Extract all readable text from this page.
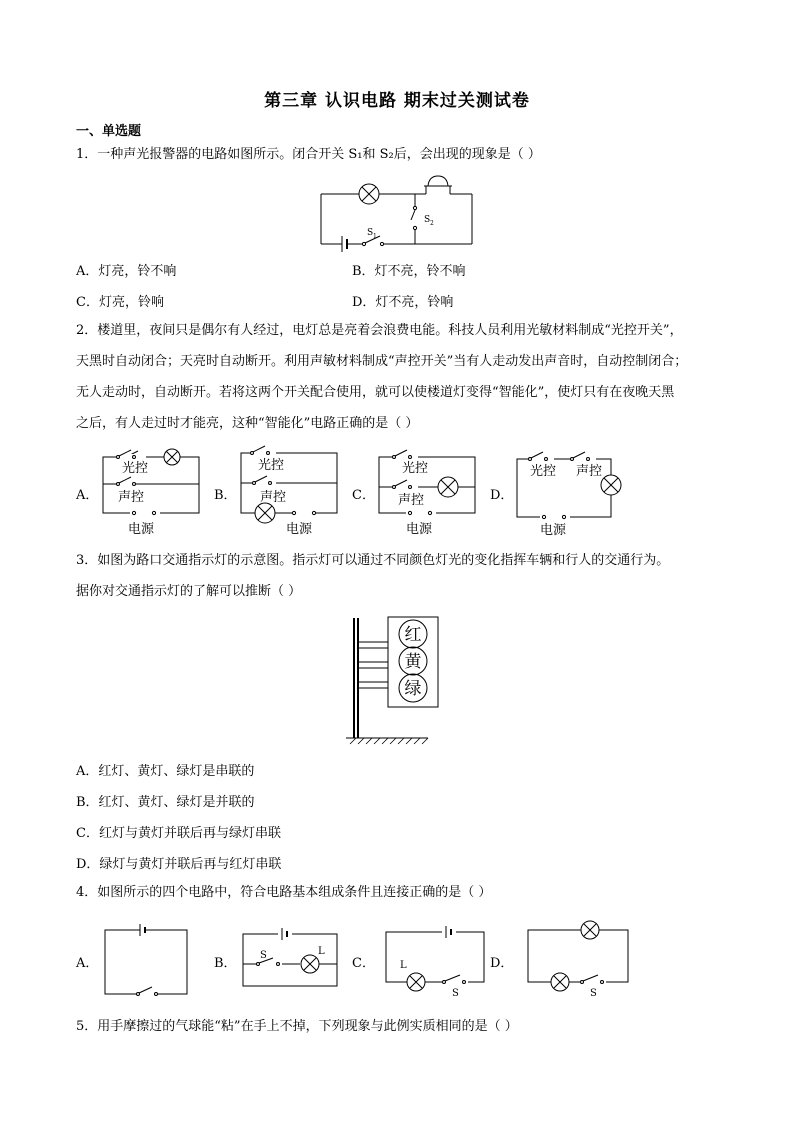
第三章 认识电路 期末过关测试卷
一、单选题
1．一种声光报警器的电路如图所示。闭合开关 S₁和 S₂后，会出现的现象是（ ）
S 1
S 2
A．灯亮，铃不响	B．灯不亮，铃不响
C．灯亮，铃响	D．灯不亮，铃响
2．楼道里，夜间只是偶尔有人经过，电灯总是亮着会浪费电能。科技人员利用光敏材料制成“光控开关”，
天黑时自动闭合；天亮时自动断开。利用声敏材料制成“声控开关”当有人走动发出声音时，自动控制闭合；
无人走动时，自动断开。若将这两个开关配合使用，就可以使楼道灯变得“智能化”，使灯只有在夜晚天黑
之后，有人走过时才能亮，这种“智能化”电路正确的是（ ）
A．
光控
声控
电源
B．
光控
声控
电源
C．
光控
声控
电源
D．
光控 声控
电源
3．如图为路口交通指示灯的示意图。指示灯可以通过不同颜色灯光的变化指挥车辆和行人的交通行为。
据你对交通指示灯的了解可以推断（ ）
红
黄
绿
A．红灯、黄灯、绿灯是串联的
B．红灯、黄灯、绿灯是并联的
C．红灯与黄灯并联后再与绿灯串联
D．绿灯与黄灯并联后再与红灯串联
4．如图所示的四个电路中，符合电路基本组成条件且连接正确的是（ ）
A．	B．
S	L
C．	L
S
D．
S
5．用手摩擦过的气球能“粘”在手上不掉，下列现象与此例实质相同的是（ ）
